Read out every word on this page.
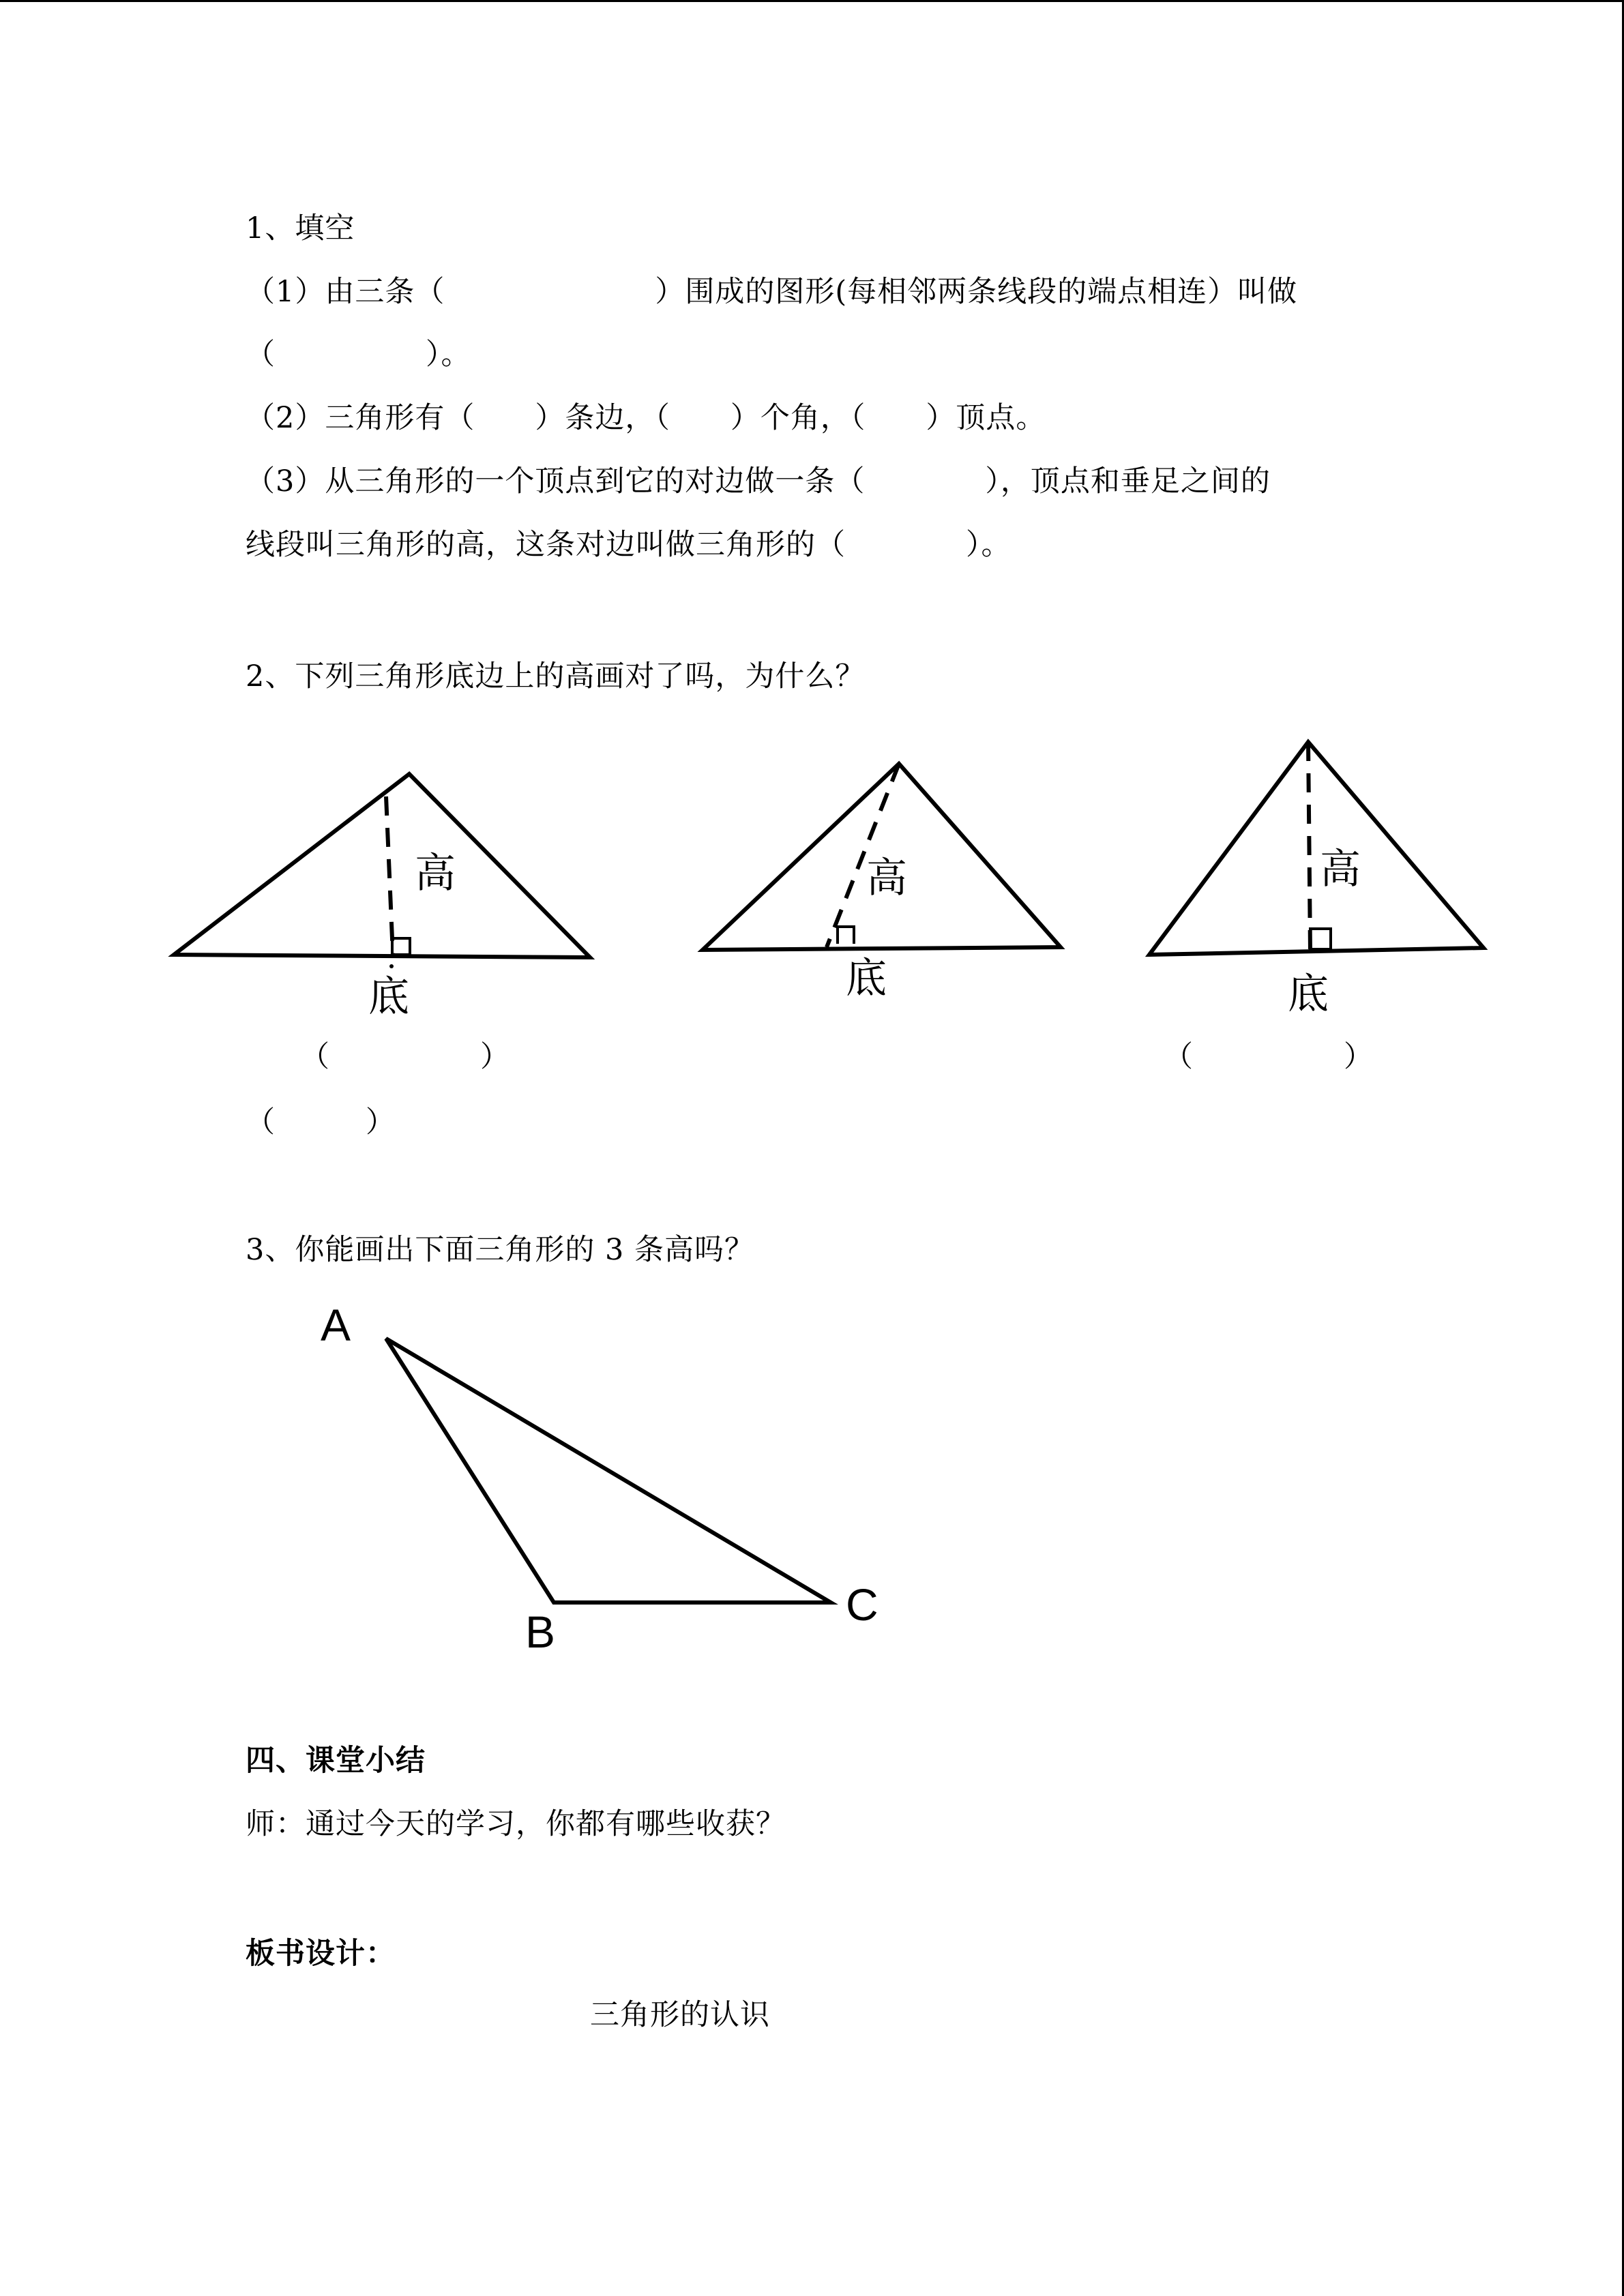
1、填空
（1）由三条（　　　　　　　）围成的图形(每相邻两条线段的端点相连）叫做
（　　　　　）。
（2）三角形有（　　）条边，（　　）个角，（　　）顶点。
（3）从三角形的一个顶点到它的对边做一条（　　　　），顶点和垂足之间的
线段叫三角形的高，这条对边叫做三角形的（　　　　）。
2、下列三角形底边上的高画对了吗，为什么？
高
底
高
底
高
底
（　　　　　）
（　　　）
（　　　　　）
3、你能画出下面三角形的 3 条高吗？
A
B
C
四、课堂小结
师：通过今天的学习，你都有哪些收获？
板书设计：
三角形的认识
